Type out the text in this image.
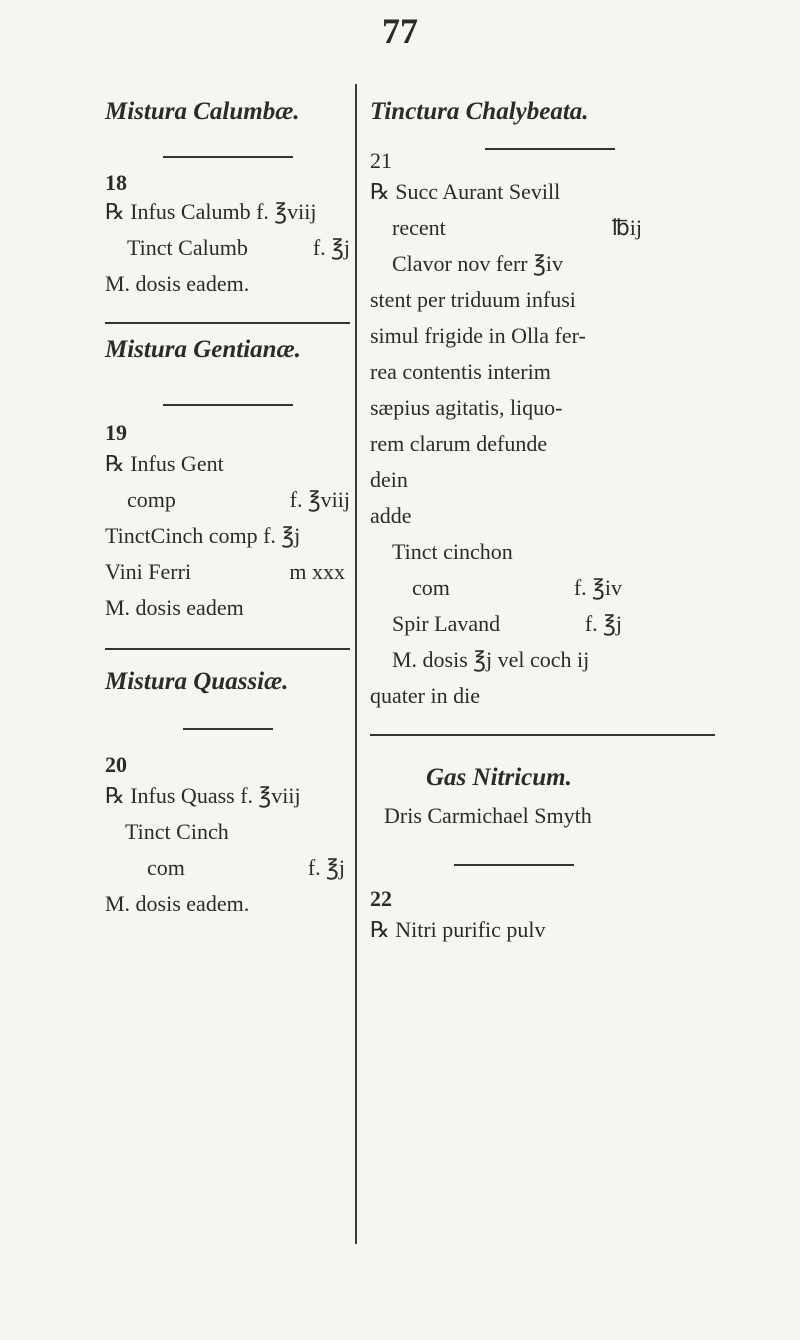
77
Mistura Calumbæ.
18
℞ Infus Calumb f. ℥viij
Tinct Calumb	f. ℥j
M. dosis eadem.
Mistura Gentianæ.
19
℞ Infus Gent
comp	f. ℥viij
TinctCinch comp f. ℥j
Vini Ferri	m xxx
M. dosis eadem
Mistura Quassiæ.
20
℞ Infus Quass f. ℥viij
Tinct Cinch
com	f. ℥j
M. dosis eadem.
Tinctura Chalybeata.
21
℞ Succ Aurant Sevill
recent	℔ij
Clavor nov ferr ℥iv
stent per triduum infusi
simul frigide in Olla fer-
rea contentis interim
sæpius agitatis, liquo-
rem clarum defunde
dein
adde
Tinct cinchon
com	f. ℥iv
Spir Lavand	f. ℥j
M. dosis ℥j vel coch ij
quater in die
Gas Nitricum.
Dris Carmichael Smyth
22
℞ Nitri purific pulv
